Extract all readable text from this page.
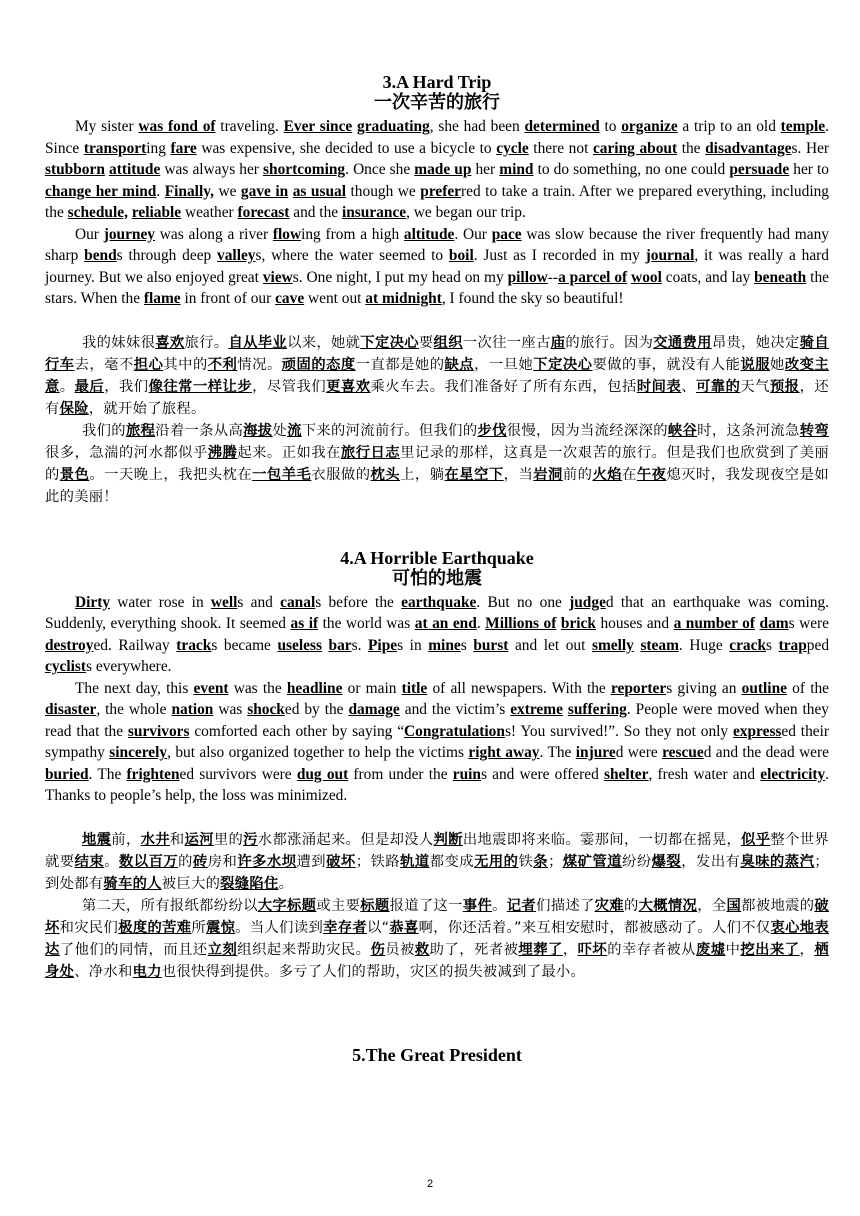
3.A Hard Trip
一次辛苦的旅行

My sister was fond of traveling. Ever since graduating, she had been determined to organize a trip to an old temple. Since transporting fare was expensive, she decided to use a bicycle to cycle there not caring about the disadvantages. Her stubborn attitude was always her shortcoming. Once she made up her mind to do something, no one could persuade her to change her mind. Finally, we gave in as usual though we preferred to take a train. After we prepared everything, including the schedule, reliable weather forecast and the insurance, we began our trip.

Our journey was along a river flowing from a high altitude. Our pace was slow because the river frequently had many sharp bends through deep valleys, where the water seemed to boil. Just as I recorded in my journal, it was really a hard journey. But we also enjoyed great views. One night, I put my head on my pillow--a parcel of wool coats, and lay beneath the stars. When the flame in front of our cave went out at midnight, I found the sky so beautiful!

我的妹妹很喜欢旅行。自从毕业以来，她就下定决心要组织一次往一座古庙的旅行。因为交通费用昂贵，她决定骑自行车去，毫不担心其中的不利情况。顽固的态度一直都是她的缺点，一旦她下定决心要做的事，就没有人能说服她改变主意。最后，我们像往常一样让步，尽管我们更喜欢乘火车去。我们准备好了所有东西，包括时间表、可靠的天气预报，还有保险，就开始了旅程。

我们的旅程沿着一条从高海拔处流下来的河流前行。但我们的步伐很慢，因为当流经深深的峡谷时，这条河流急转弯很多，急湍的河水都似乎沸腾起来。正如我在旅行日志里记录的那样，这真是一次艰苦的旅行。但是我们也欣赏到了美丽的景色。一天晚上，我把头枕在一包羊毛衣服做的枕头上，躺在星空下，当岩洞前的火焰在午夜熄灭时，我发现夜空是如此的美丽！

4.A Horrible Earthquake
可怕的地震

Dirty water rose in wells and canals before the earthquake. But no one judged that an earthquake was coming. Suddenly, everything shook. It seemed as if the world was at an end. Millions of brick houses and a number of dams were destroyed. Railway tracks became useless bars. Pipes in mines burst and let out smelly steam. Huge cracks trapped cyclists everywhere.

The next day, this event was the headline or main title of all newspapers. With the reporters giving an outline of the disaster, the whole nation was shocked by the damage and the victim’s extreme suffering. People were moved when they read that the survivors comforted each other by saying “Congratulations! You survived!”. So they not only expressed their sympathy sincerely, but also organized together to help the victims right away. The injured were rescued and the dead were buried. The frightened survivors were dug out from under the ruins and were offered shelter, fresh water and electricity. Thanks to people’s help, the loss was minimized.

地震前，水井和运河里的污水都涨涌起来。但是却没人判断出地震即将来临。霎那间，一切都在摇晃，似乎整个世界就要结束。数以百万的砖房和许多水坝遭到破坏；铁路轨道都变成无用的铁条；煤矿管道纷纷爆裂，发出有臭味的蒸汽；到处都有骑车的人被巨大的裂缝陷住。

第二天，所有报纸都纷纷以大字标题或主要标题报道了这一事件。记者们描述了灾难的大概情况，全国都被地震的破坏和灾民们极度的苦难所震惊。当人们读到幸存者以“恭喜啊，你还活着。”来互相安慰时，都被感动了。人们不仅衷心地表达了他们的同情，而且还立刻组织起来帮助灾民。伤员被救助了，死者被埋葬了，吓坏的幸存者被从废墟中挖出来了，栖身处、净水和电力也很快得到提供。多亏了人们的帮助，灾区的损失被减到了最小。

5.The Great President
2
